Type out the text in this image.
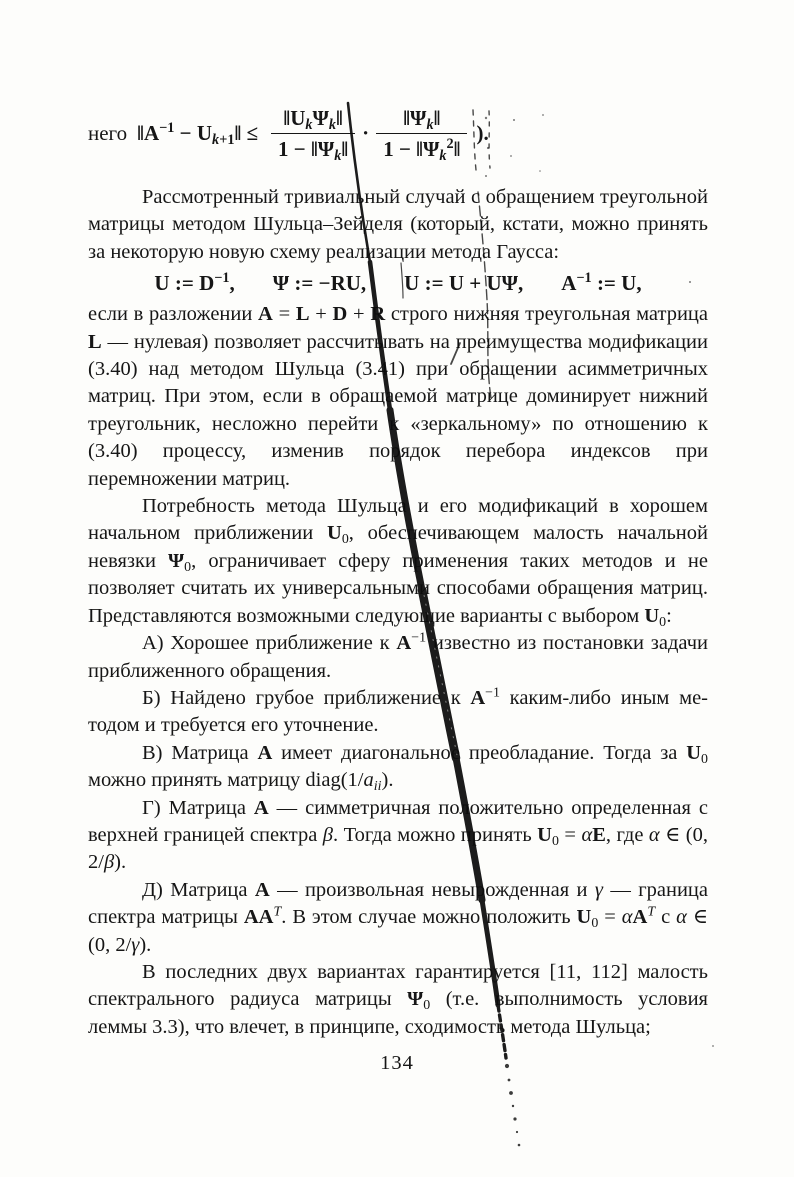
него $‖A^{-1}$ − $U_{k+1}‖ \le \frac{‖U_k\Psi_k‖}{1 - ‖\Psi_k‖} \cdot \frac{‖\Psi_k‖}{1 - ‖\Psi_k^2‖}$ ).

Рассмотренный тривиальный случай с обращением треугольной матрицы методом Шульца–Зейделя (который, кстати, можно принять за некоторую новую схему реализации метода Гаусса:

U := $D^{-1}$, Ψ := −RU, U := U + UΨ, $A^{-1}$ := U,

если в разложении A = L + D + R строго нижняя треугольная матрица L — нулевая) позволяет рассчитывать на преимущества модификации (3.40) над методом Шульца (3.41) при обращении асимметричных матриц. При этом, если в обращаемой матрице доминирует нижний треугольник, несложно перейти к «зеркальному» по отношению к (3.40) процессу, изменив порядок перебора индексов при перемножении матриц.

Потребность метода Шульца и его модификаций в хорошем начальном приближении $U_0$, обеспечивающем малость начальной невязки $\Psi_0$, ограничивает сферу применения таких методов и не позволяет считать их универсальными способами обращения матриц. Представляются возможными следующие варианты с выбором $U_0$:

А) Хорошее приближение к $A^{-1}$ известно из постановки задачи приближенного обращения.

Б) Найдено грубое приближение к $A^{-1}$ каким-либо иным методом и требуется его уточнение.

В) Матрица A имеет диагональное преобладание. Тогда за $U_0$ можно принять матрицу $diag(1/a_{ii})$.

Г) Матрица A — симметричная положительно определенная с верхней границей спектра β. Тогда можно принять $U_0 = \alpha E$, где α ∈ (0, 2/β).

Д) Матрица A — произвольная невырожденная и γ — граница спектра матрицы $AA^T$. В этом случае можно положить $U_0 = \alpha A^T$ с α ∈ (0, 2/γ).

В последних двух вариантах гарантируется [11, 112] малость спектрального радиуса матрицы $\Psi_0$ (т.е. выполнимость условия леммы 3.3), что влечет, в принципе, сходимость метода Шульца;

134
